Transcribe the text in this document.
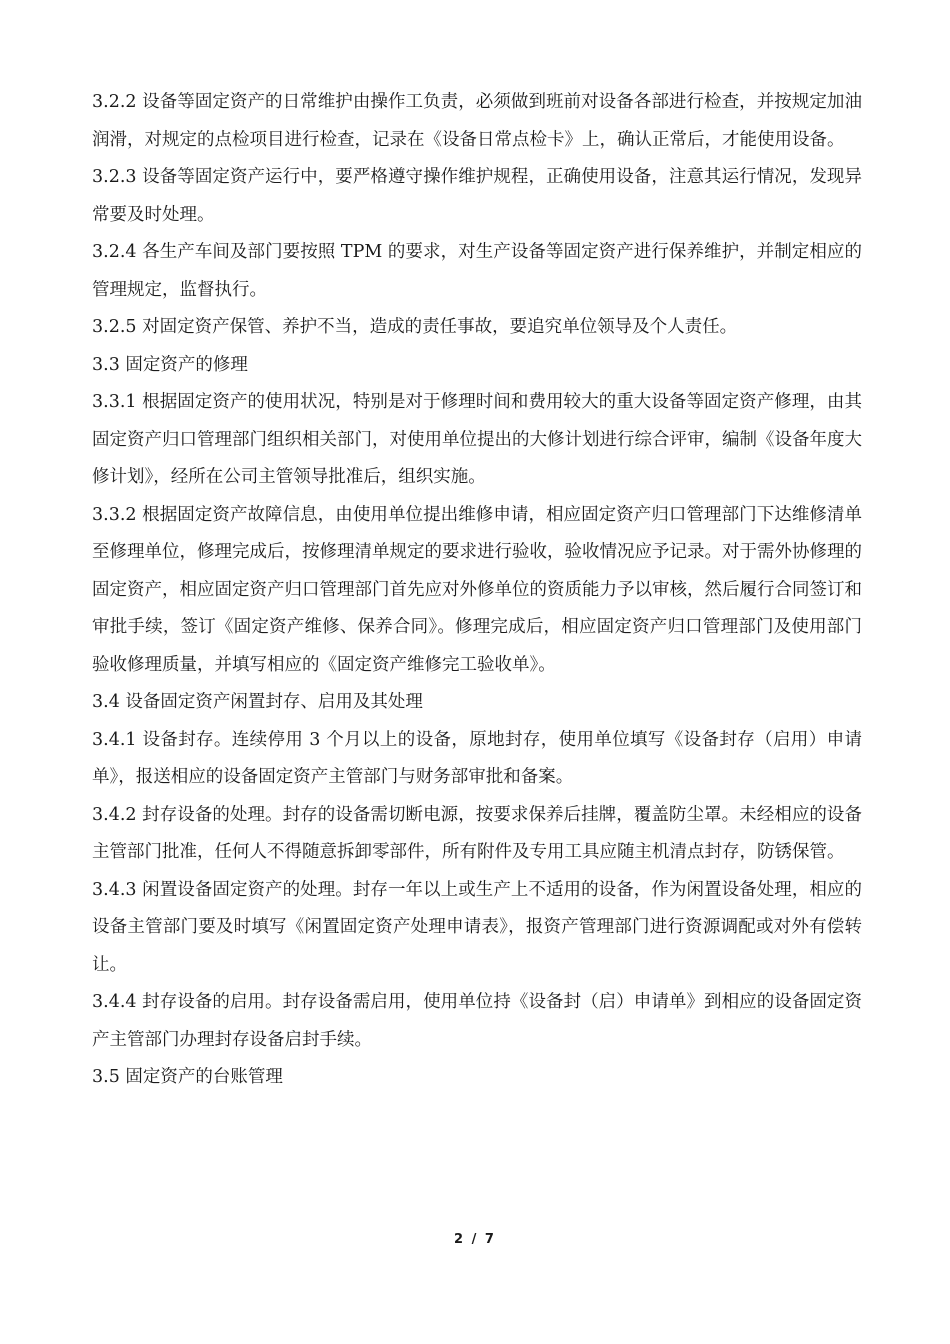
3.2.2 设备等固定资产的日常维护由操作工负责，必须做到班前对设备各部进行检查，并按规定加油润滑，对规定的点检项目进行检查，记录在《设备日常点检卡》上，确认正常后，才能使用设备。

3.2.3 设备等固定资产运行中，要严格遵守操作维护规程，正确使用设备，注意其运行情况，发现异常要及时处理。

3.2.4 各生产车间及部门要按照 TPM 的要求，对生产设备等固定资产进行保养维护，并制定相应的管理规定，监督执行。

3.2.5 对固定资产保管、养护不当，造成的责任事故，要追究单位领导及个人责任。

3.3 固定资产的修理

3.3.1 根据固定资产的使用状况，特别是对于修理时间和费用较大的重大设备等固定资产修理，由其固定资产归口管理部门组织相关部门，对使用单位提出的大修计划进行综合评审，编制《设备年度大修计划》，经所在公司主管领导批准后，组织实施。

3.3.2 根据固定资产故障信息，由使用单位提出维修申请，相应固定资产归口管理部门下达维修清单至修理单位，修理完成后，按修理清单规定的要求进行验收，验收情况应予记录。对于需外协修理的固定资产，相应固定资产归口管理部门首先应对外修单位的资质能力予以审核，然后履行合同签订和审批手续，签订《固定资产维修、保养合同》。修理完成后，相应固定资产归口管理部门及使用部门验收修理质量，并填写相应的《固定资产维修完工验收单》。

3.4 设备固定资产闲置封存、启用及其处理

3.4.1 设备封存。连续停用 3 个月以上的设备，原地封存，使用单位填写《设备封存（启用）申请单》，报送相应的设备固定资产主管部门与财务部审批和备案。

3.4.2 封存设备的处理。封存的设备需切断电源，按要求保养后挂牌，覆盖防尘罩。未经相应的设备主管部门批准，任何人不得随意拆卸零部件，所有附件及专用工具应随主机清点封存，防锈保管。

3.4.3 闲置设备固定资产的处理。封存一年以上或生产上不适用的设备，作为闲置设备处理，相应的设备主管部门要及时填写《闲置固定资产处理申请表》，报资产管理部门进行资源调配或对外有偿转让。

3.4.4 封存设备的启用。封存设备需启用，使用单位持《设备封（启）申请单》到相应的设备固定资产主管部门办理封存设备启封手续。

3.5 固定资产的台账管理

2 / 7
